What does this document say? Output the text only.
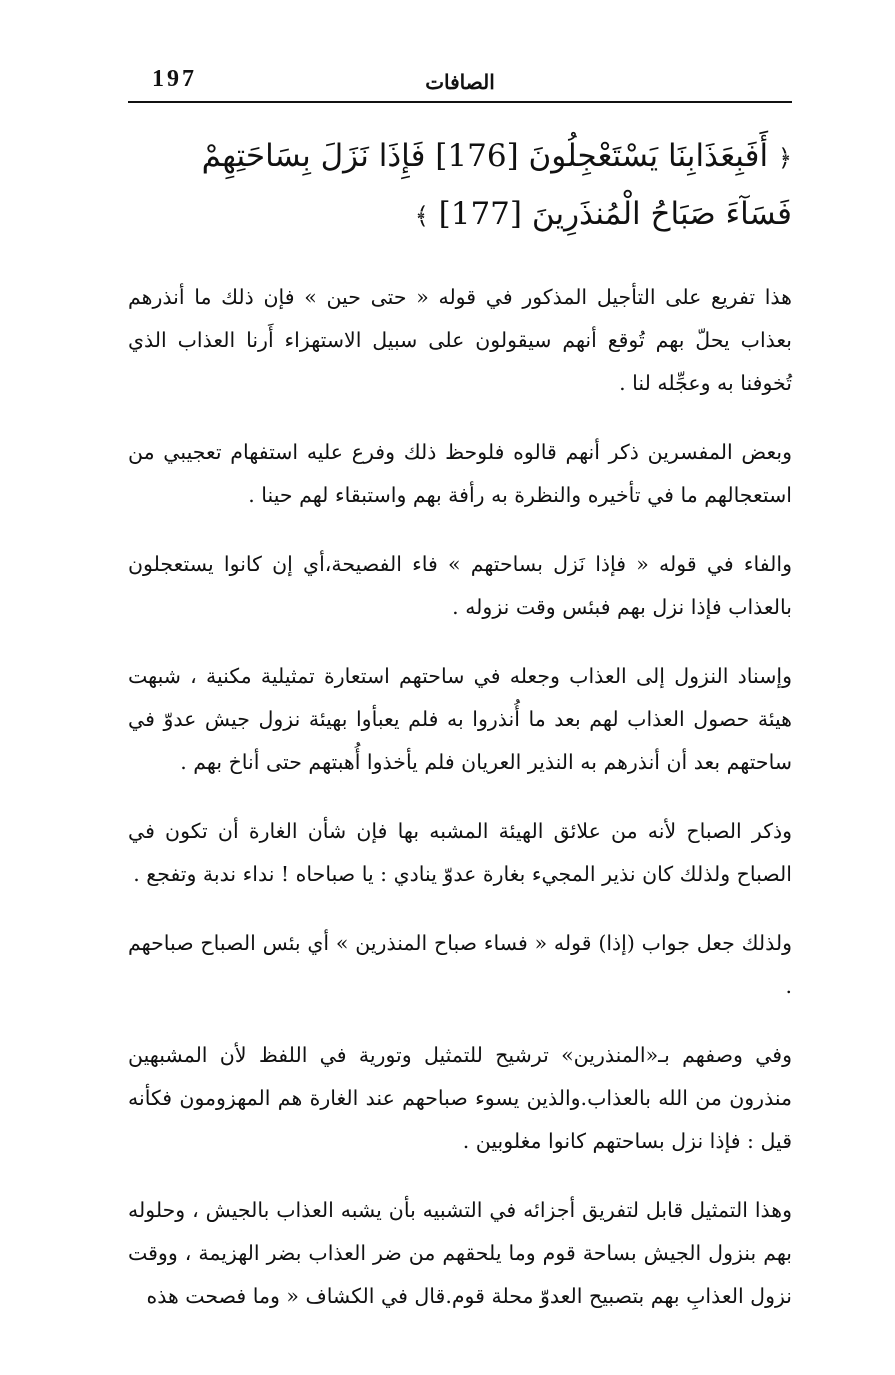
197	الصافات

﴿ أَفَبِعَذَابِنَا يَسْتَعْجِلُونَ [176] فَإِذَا نَزَلَ بِسَاحَتِهِمْ فَسَآءَ صَبَاحُ الْمُنذَرِينَ [177] ﴾

هذا تفريع على التأجيل المذكور في قوله « حتى حين » فإن ذلك ما أنذرهم بعذاب يحلّ بهم تُوقع أنهم سيقولون على سبيل الاستهزاء أَرنا العذاب الذي تُخوفنا به وعجِّله لنا .

وبعض المفسرين ذكر أنهم قالوه فلوحظ ذلك وفرع عليه استفهام تعجيبي من استعجالهم ما في تأخيره والنظرة به رأفة بهم واستبقاء لهم حينا .

والفاء في قوله « فإذا نَزل بساحتهم » فاء الفصيحة،أي إن كانوا يستعجلون بالعذاب فإذا نزل بهم فبئس وقت نزوله .

وإسناد النزول إلى العذاب وجعله في ساحتهم استعارة تمثيلية مكنية ، شبهت هيئة حصول العذاب لهم بعد ما أُنذروا به فلم يعبأوا بهيئة نزول جيش عدوّ في ساحتهم بعد أن أنذرهم به النذير العريان فلم يأخذوا أُهبتهم حتى أناخ بهم .

وذكر الصباح لأنه من علائق الهيئة المشبه بها فإن شأن الغارة أن تكون في الصباح ولذلك كان نذير المجيء بغارة عدوّ ينادي : يا صباحاه ! نداء ندبة وتفجع .

ولذلك جعل جواب (إذا) قوله « فساء صباح المنذرين » أي بئس الصباح صباحهم .

وفي وصفهم بـ«المنذرين» ترشيح للتمثيل وتورية في اللفظ لأن المشبهين منذرون من الله بالعذاب.والذين يسوء صباحهم عند الغارة هم المهزومون فكأنه قيل : فإذا نزل بساحتهم كانوا مغلوبين .

وهذا التمثيل قابل لتفريق أجزائه في التشبيه بأن يشبه العذاب بالجيش ، وحلوله بهم بنزول الجيش بساحة قوم وما يلحقهم من ضر العذاب بضر الهزيمة ، ووقت نزول العذابِ بهم بتصبيح العدوّ محلة قوم.قال في الكشاف « وما فصحت هذه
